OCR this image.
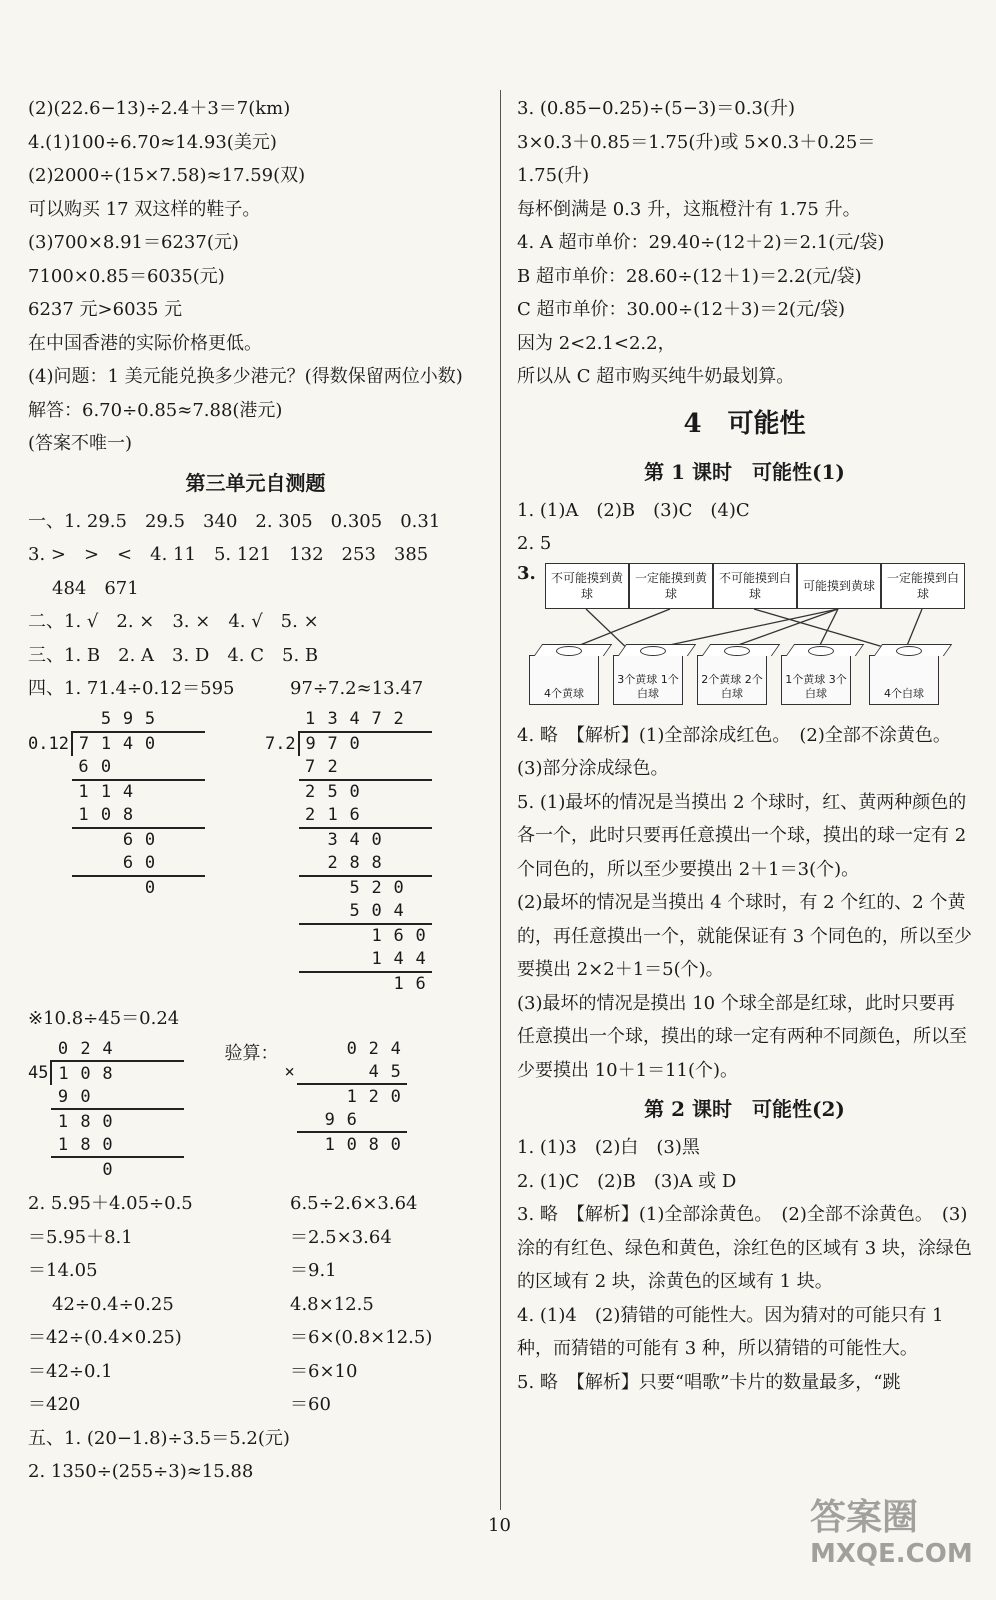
(2)(22.6−13)÷2.4＋3＝7(km)
4.(1)100÷6.70≈14.93(美元)
(2)2000÷(15×7.58)≈17.59(双)
可以购买 17 双这样的鞋子。
(3)700×8.91＝6237(元)
7100×0.85＝6035(元)
6237 元>6035 元
在中国香港的实际价格更低。
(4)问题：1 美元能兑换多少港元？(得数保留两位小数)
解答：6.70÷0.85≈7.88(港元)
(答案不唯一)
第三单元自测题
一、1. 29.5　29.5　340　2. 305　0.305　0.31
3. >　>　<　4. 11　5. 121　132　253　385
484　671
二、1. √　2. ×　3. ×　4. √　5. ×
三、1. B　2. A　3. D　4. C　5. B
四、1. 71.4÷0.12＝595	97÷7.2≈13.47
		5	9	5		
0.12	7	1	4	0		
	6	0				
	1	1	4			
	1	0	8			
			6	0		
			6	0		
				0		
	1	3	4	7	2	
7.2	9	7	0			
	7	2				
	2	5	0			
	2	1	6			
		3	4	0		
		2	8	8		
			5	2	0	
			5	0	4	
				1	6	0
				1	4	4
					1	6
※10.8÷45＝0.24
	0	2	4			
45	1	0	8			
	9	0				
	1	8	0			
	1	8	0			
			0			
验算：
				0	2	4
×				4	5
			1	2	0
		9	6		
		1	0	8	0
2. 5.95＋4.05÷0.5	6.5÷2.6×3.64
＝5.95＋8.1	＝2.5×3.64
＝14.05	＝9.1
42÷0.4÷0.25	4.8×12.5
＝42÷(0.4×0.25)	＝6×(0.8×12.5)
＝42÷0.1	＝6×10
＝420	＝60
五、1. (20−1.8)÷3.5＝5.2(元)
2. 1350÷(255÷3)≈15.88
3. (0.85−0.25)÷(5−3)＝0.3(升)
3×0.3＋0.85＝1.75(升)或 5×0.3＋0.25＝
1.75(升)
每杯倒满是 0.3 升，这瓶橙汁有 1.75 升。
4. A 超市单价：29.40÷(12＋2)＝2.1(元/袋)
B 超市单价：28.60÷(12＋1)＝2.2(元/袋)
C 超市单价：30.00÷(12＋3)＝2(元/袋)
因为 2<2.1<2.2，
所以从 C 超市购买纯牛奶最划算。
4　可能性
第 1 课时　可能性(1)
1. (1)A　(2)B　(3)C　(4)C
2. 5
3.	不可能摸到黄球
一定能摸到黄球
不可能摸到白球
可能摸到黄球
一定能摸到白球
4个黄球
3个黄球 1个白球
2个黄球 2个白球
1个黄球 3个白球	4个白球
4. 略　【解析】(1)全部涂成红色。　(2)全部不涂黄色。　(3)部分涂成绿色。
5. (1)最坏的情况是当摸出 2 个球时，红、黄两种颜色的各一个，此时只要再任意摸出一个球，摸出的球一定有 2 个同色的，所以至少要摸出 2＋1＝3(个)。
(2)最坏的情况是当摸出 4 个球时，有 2 个红的、2 个黄的，再任意摸出一个，就能保证有 3 个同色的，所以至少要摸出 2×2＋1＝5(个)。
(3)最坏的情况是摸出 10 个球全部是红球，此时只要再任意摸出一个球，摸出的球一定有两种不同颜色，所以至少要摸出 10＋1＝11(个)。
第 2 课时　可能性(2)
1. (1)3　(2)白　(3)黑
2. (1)C　(2)B　(3)A 或 D
3. 略　【解析】(1)全部涂黄色。　(2)全部不涂黄色。　(3)涂的有红色、绿色和黄色，涂红色的区域有 3 块，涂绿色的区域有 2 块，涂黄色的区域有 1 块。
4. (1)4　(2)猜错的可能性大。因为猜对的可能只有 1 种，而猜错的可能有 3 种，所以猜错的可能性大。
5. 略　【解析】只要“唱歌”卡片的数量最多，“跳
10	答案圈
MXQE.COM
